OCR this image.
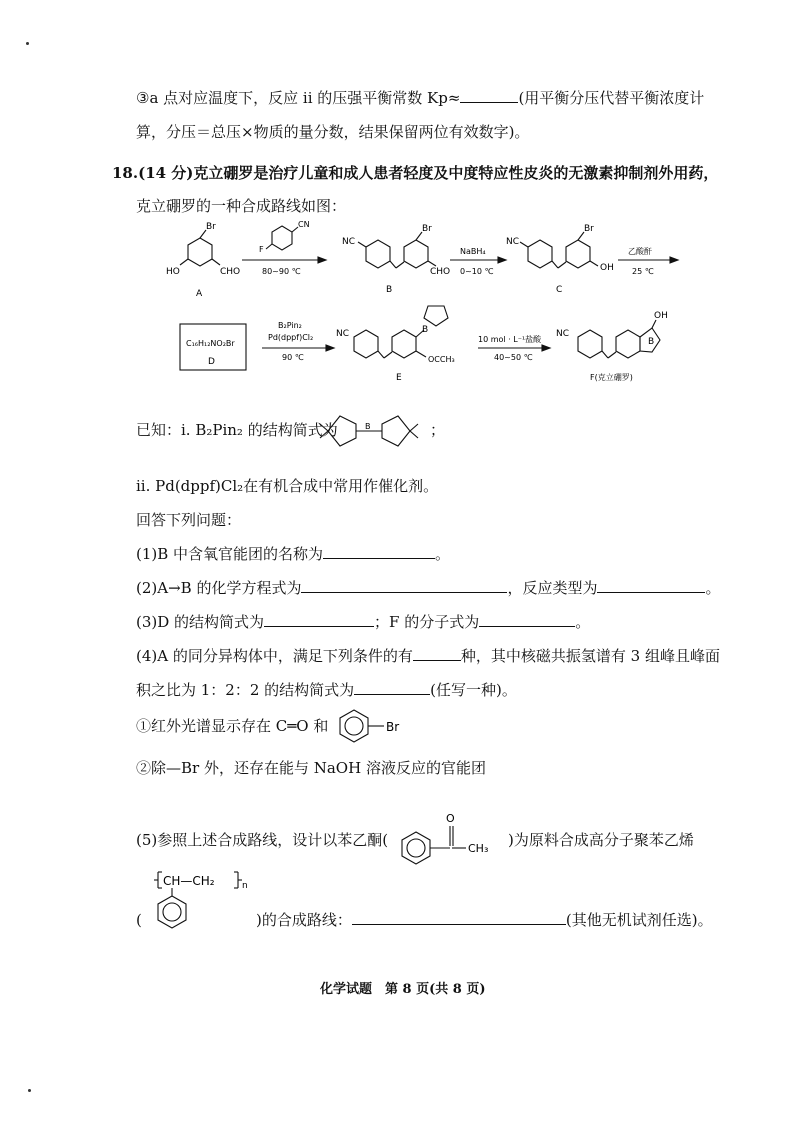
③a 点对应温度下，反应 ii 的压强平衡常数 Kp≈	(用平衡分压代替平衡浓度计
算，分压＝总压×物质的量分数，结果保留两位有效数字)。
18.(14 分)克立硼罗是治疗儿童和成人患者轻度及中度特应性皮炎的无激素抑制剂外用药，
克立硼罗的一种合成路线如图：
Br
HO	CHO
A
F
CN
80~90 ℃
NC
Br
CHO
B
NaBH₄
0~10 ℃
NC
Br
OH
C
乙酸酐
25 ℃
C₁₆H₁₂NO₂Br
D
B₂Pin₂
Pd(dppf)Cl₂
90 ℃
NC	B
OCCH₃
E
10 mol · L⁻¹盐酸
40~50 ℃
NC
OH
B
F(克立硼罗)
已知：i. B₂Pin₂ 的结构简式为	B	；
ii. Pd(dppf)Cl₂在有机合成中常用作催化剂。
回答下列问题：
(1)B 中含氧官能团的名称为	。
(2)A→B 的化学方程式为	，反应类型为	。
(3)D 的结构简式为	；F 的分子式为	。
(4)A 的同分异构体中，满足下列条件的有	种，其中核磁共振氢谱有 3 组峰且峰面
积之比为 1：2：2 的结构简式为	(任写一种)。
①红外光谱显示存在 C═O 和	Br
②除—Br 外，还存在能与 NaOH 溶液反应的官能团
(5)参照上述合成路线，设计以苯乙酮(
O
CH₃ )为原料合成高分子聚苯乙烯
CH—CH₂	n
(	)的合成路线：	(其他无机试剂任选)。
化学试题　第 8 页(共 8 页)
